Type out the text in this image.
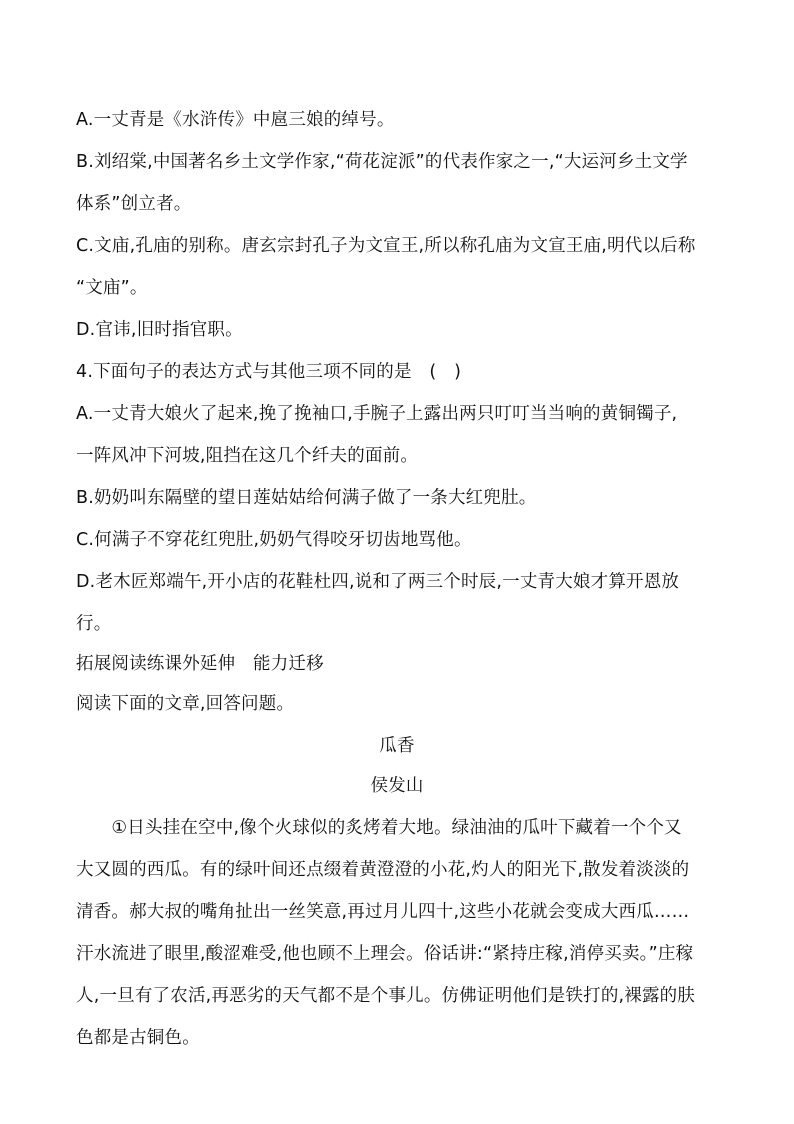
A.一丈青是《水浒传》中扈三娘的绰号。
B.刘绍棠,中国著名乡土文学作家,“荷花淀派”的代表作家之一,“大运河乡土文学
体系”创立者。
C.文庙,孔庙的别称。唐玄宗封孔子为文宣王,所以称孔庙为文宣王庙,明代以后称
“文庙”。
D.官讳,旧时指官职。
4.下面句子的表达方式与其他三项不同的是　(　)
A.一丈青大娘火了起来,挽了挽袖口,手腕子上露出两只叮叮当当响的黄铜镯子,
一阵风冲下河坡,阻挡在这几个纤夫的面前。
B.奶奶叫东隔壁的望日莲姑姑给何满子做了一条大红兜肚。
C.何满子不穿花红兜肚,奶奶气得咬牙切齿地骂他。
D.老木匠郑端午,开小店的花鞋杜四,说和了两三个时辰,一丈青大娘才算开恩放
行。
拓展阅读练课外延伸　能力迁移
阅读下面的文章,回答问题。
瓜香
侯发山
　　①日头挂在空中,像个火球似的炙烤着大地。绿油油的瓜叶下藏着一个个又
大又圆的西瓜。有的绿叶间还点缀着黄澄澄的小花,灼人的阳光下,散发着淡淡的
清香。郝大叔的嘴角扯出一丝笑意,再过月儿四十,这些小花就会变成大西瓜……
汗水流进了眼里,酸涩难受,他也顾不上理会。俗话讲:“紧持庄稼,消停买卖。”庄稼
人,一旦有了农活,再恶劣的天气都不是个事儿。仿佛证明他们是铁打的,裸露的肤
色都是古铜色。
